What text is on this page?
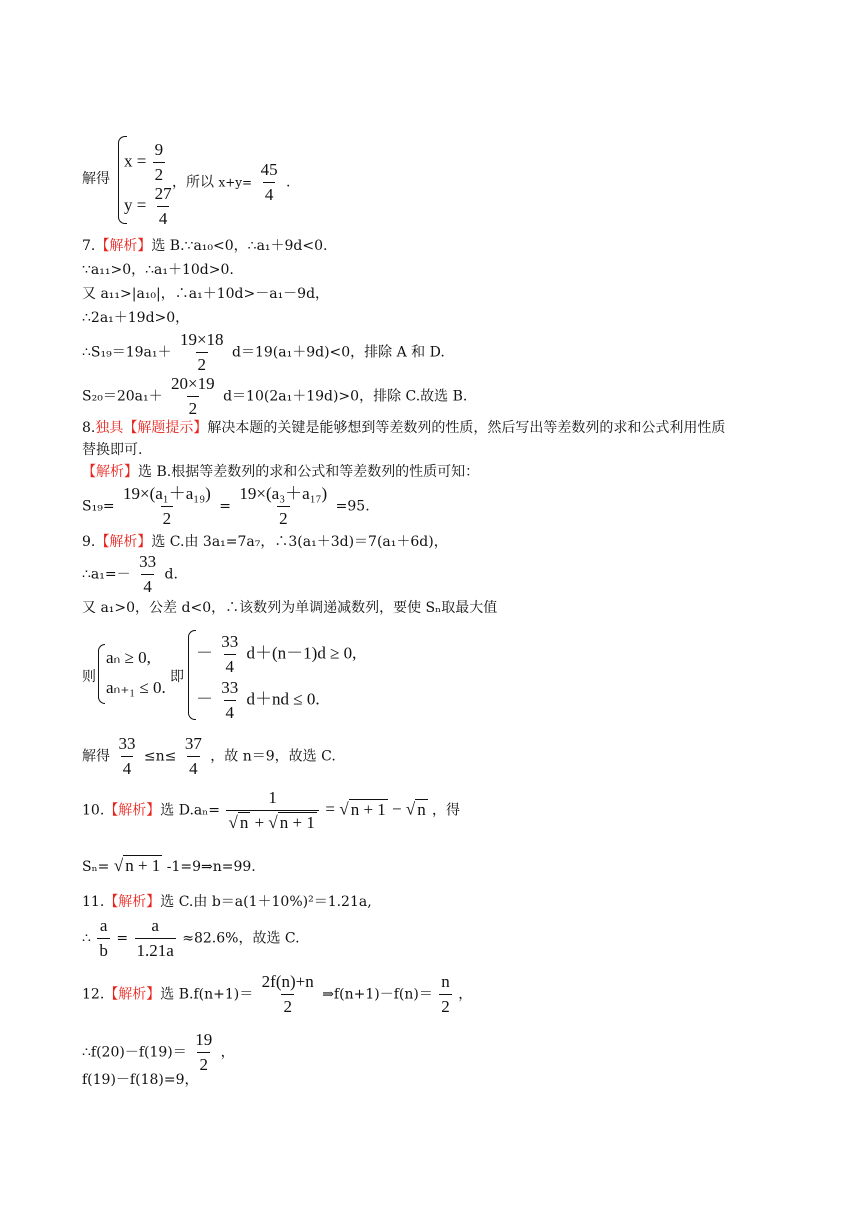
解得
$x = \frac{9}{2}$
$y = \frac{27}{4}$
，所以 $x+y= \frac{45}{4}$ .
7.【解析】选 B.∵a₁₀<0，∴a₁＋9d<0.
∵a₁₁>0，∴a₁＋10d>0.
又 a₁₁>|a₁₀|，∴a₁＋10d>－a₁－9d，
∴2a₁＋19d>0，
∴S₁₉＝19a₁＋ $\frac{19\times 18}{2} d=19(a_1+9d)<0$，排除 A 和 D.
$S_{20}=20a_1+ \frac{20\times 19}{2} d=10(2a_1+19d)>0$，排除 C.故选 B.
8.独具【解题提示】解决本题的关键是能够想到等差数列的性质，然后写出等差数列的求和公式利用性质
替换即可.
【解析】选 B.根据等差数列的求和公式和等差数列的性质可知：
$S_{19}= \frac{\text{19×(a₁＋a₁₉)}}{2} = \frac{\text{19×(a₃＋a₁₇)}}{2} =95$.
9.【解析】选 C.由 3a₁=7a₇，∴3(a₁＋3d)＝7(a₁＋6d)，
∴a₁=－ $\frac{33}{4} d$.
又 a₁>0，公差 d<0，∴该数列为单调递减数列，要使 Sₙ取最大值
则
aₙ ≥ 0,
aₙ₊₁ ≤ 0.
即
－ $\frac{33}{4} d+(n-1)d \ge 0$,
－ $\frac{33}{4} d+nd \le 0$.
解得 $\frac{33}{4} \le n\le \frac{37}{4}$ ，故 n＝9，故选 C.
10.【解析】选 $D.a_n= \frac{1}{√ n + √ n + 1}$ = √ n + 1 − √ n ，得
Sₙ= √ n + 1 -1=9⇒n=99.
11.【解析】选 C.由 b＝a(1＋10%)²＝1.21a,
∴ $\frac{a}{b} = \frac{a}{1.21a} \approx 82.6\%$，故选 C.
12.【解析】选 $B.f(n+1)= \frac{2f(n)+n}{2}$ ⇒f(n+1)－f(n)＝ $\frac{n}{2}$ ，
∴f(20)－f(19)＝ $\frac{19}{2}$ ，
f(19)－f(18)=9，
